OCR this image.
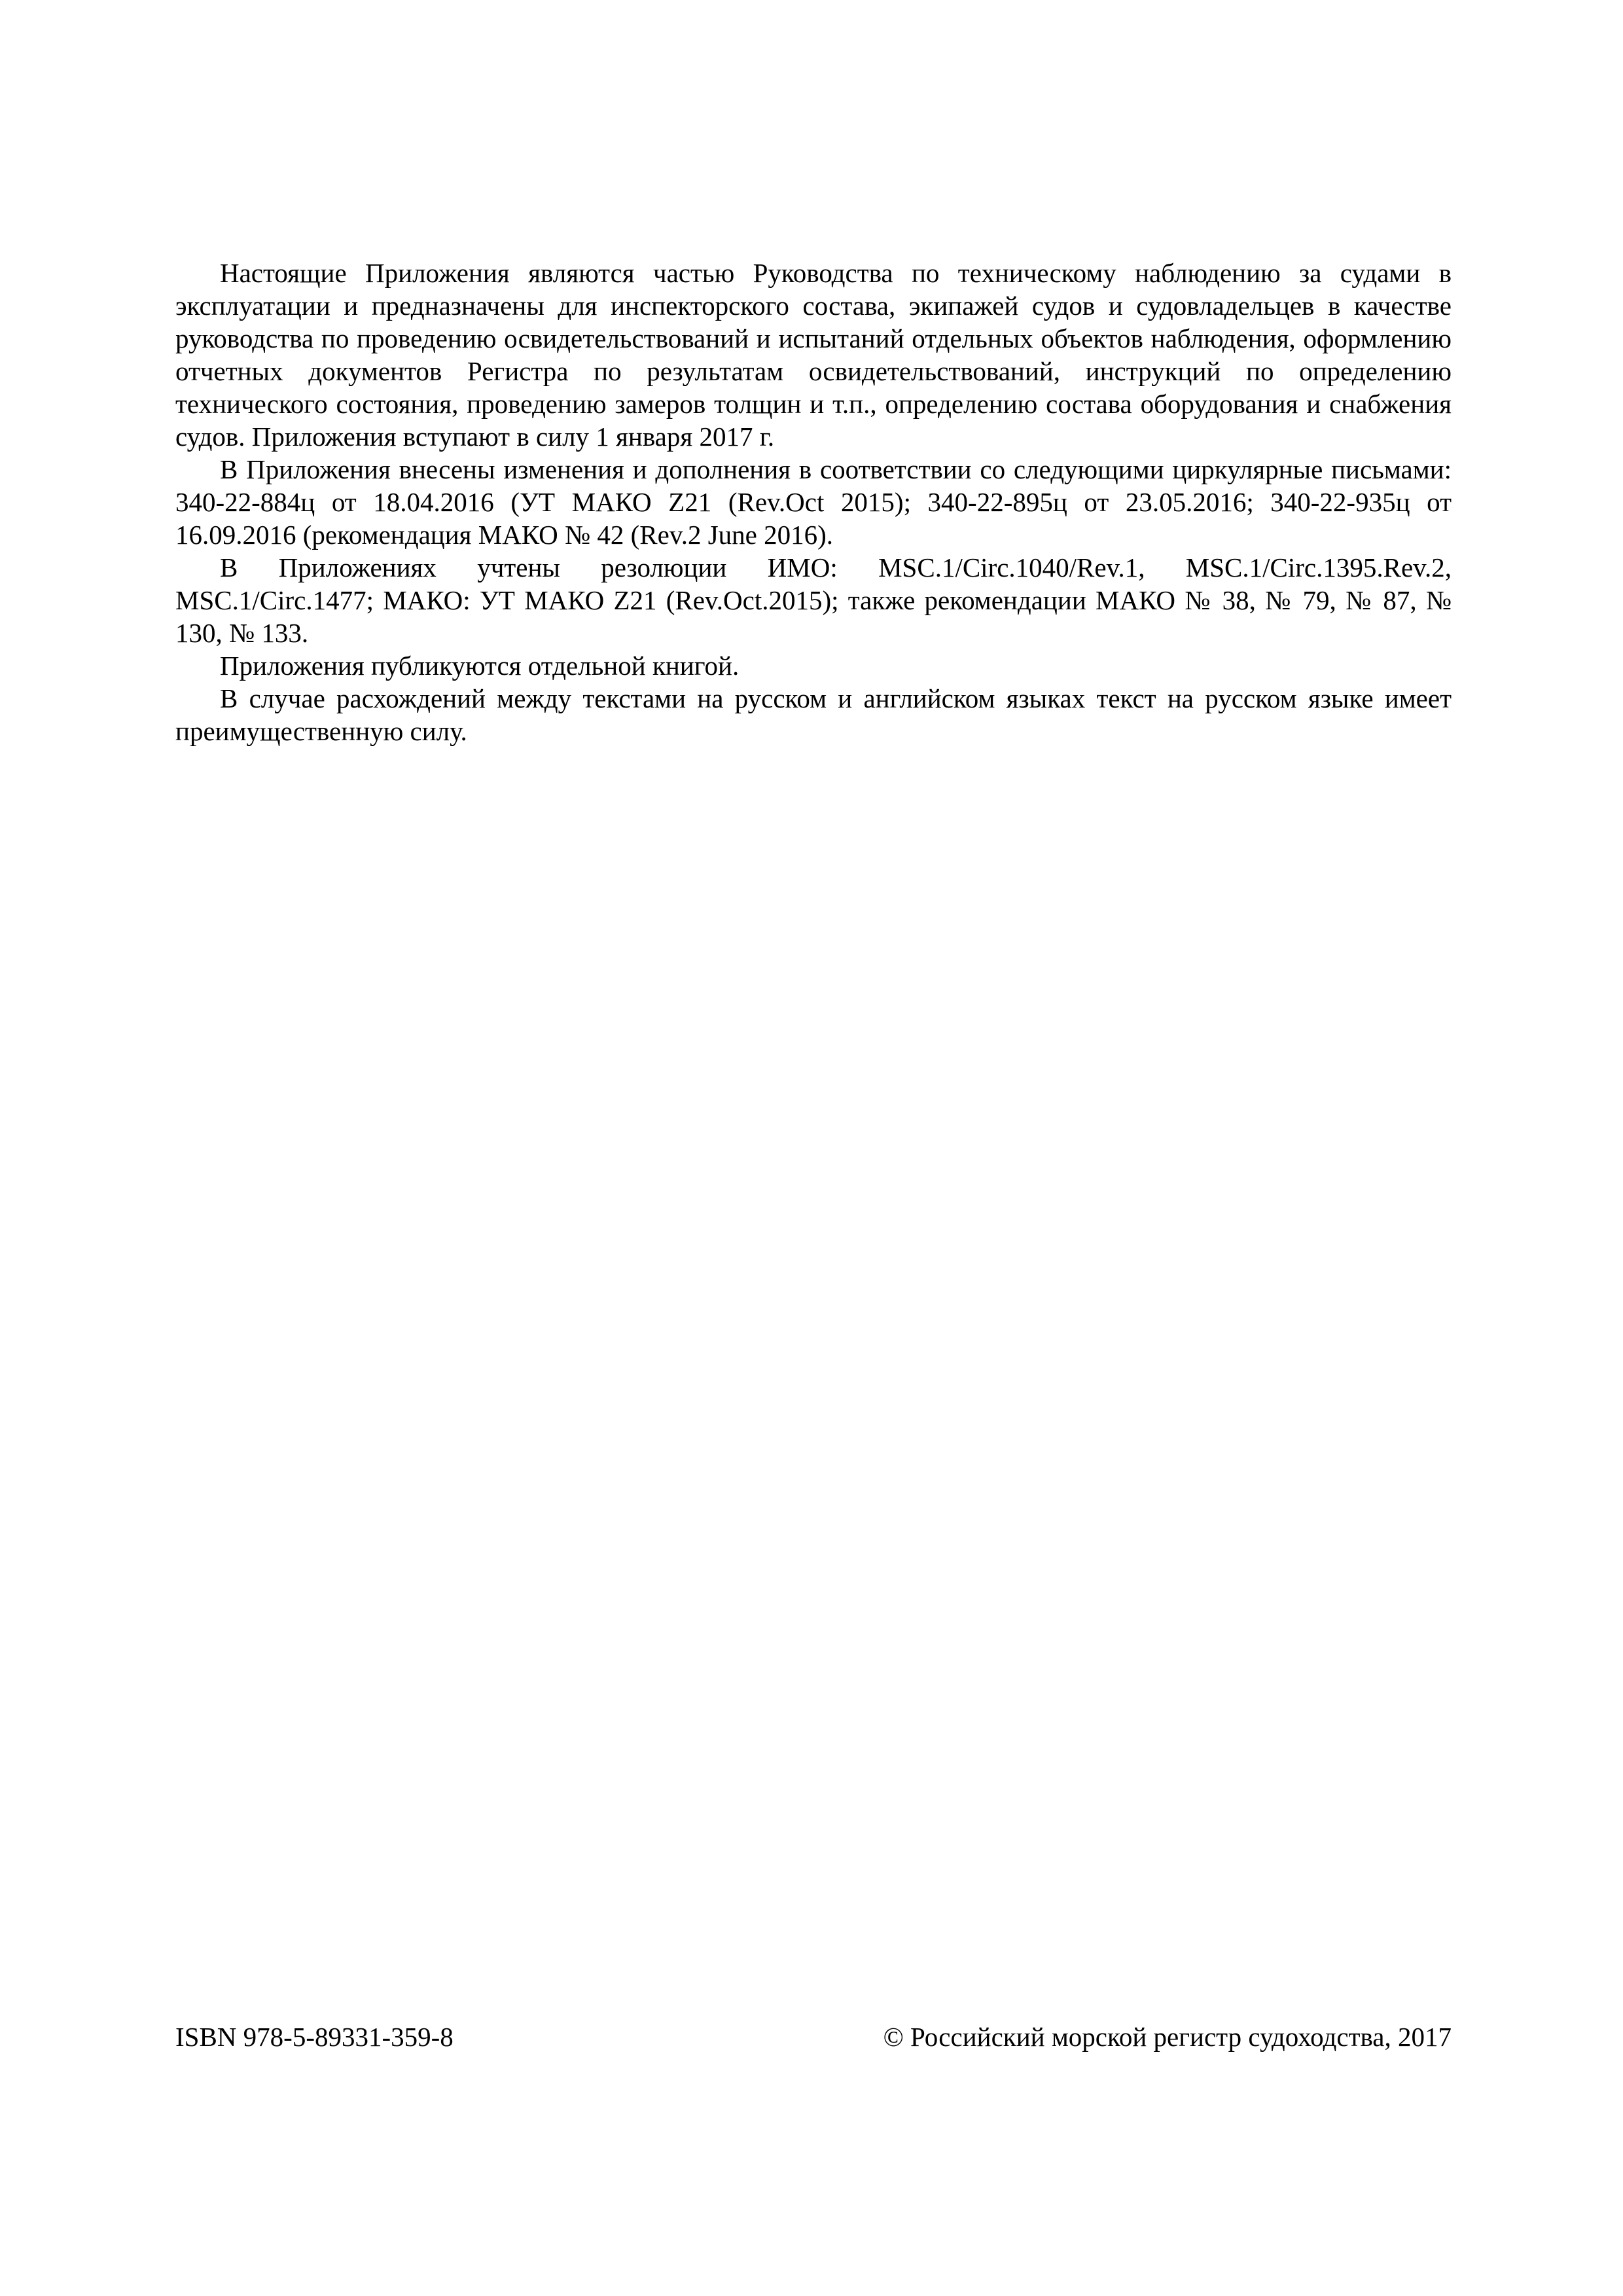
Настоящие Приложения являются частью Руководства по техническому наблюдению за судами в эксплуатации и предназначены для инспекторского состава, экипажей судов и судовладельцев в качестве руководства по проведению освидетельствований и испытаний отдельных объектов наблюдения, оформлению отчетных документов Регистра по результатам освидетельствований, инструкций по определению технического состояния, проведению замеров толщин и т.п., определению состава оборудования и снабжения судов. Приложения вступают в силу 1 января 2017 г.

В Приложения внесены изменения и дополнения в соответствии со следующими циркулярные письмами: 340-22-884ц от 18.04.2016 (УТ МАКО Z21 (Rev.Oct 2015); 340-22-895ц от 23.05.2016; 340-22-935ц от 16.09.2016 (рекомендация МАКО № 42 (Rev.2 June 2016).

В Приложениях учтены резолюции ИМО: MSC.1/Circ.1040/Rev.1, MSC.1/Circ.1395.Rev.2, MSC.1/Circ.1477; МАКО: УТ МАКО Z21 (Rev.Oct.2015); также рекомендации МАКО № 38, № 79, № 87, № 130, № 133.

Приложения публикуются отдельной книгой.

В случае расхождений между текстами на русском и английском языках текст на русском языке имеет преимущественную силу.

ISBN 978-5-89331-359-8	© Российский морской регистр судоходства, 2017
